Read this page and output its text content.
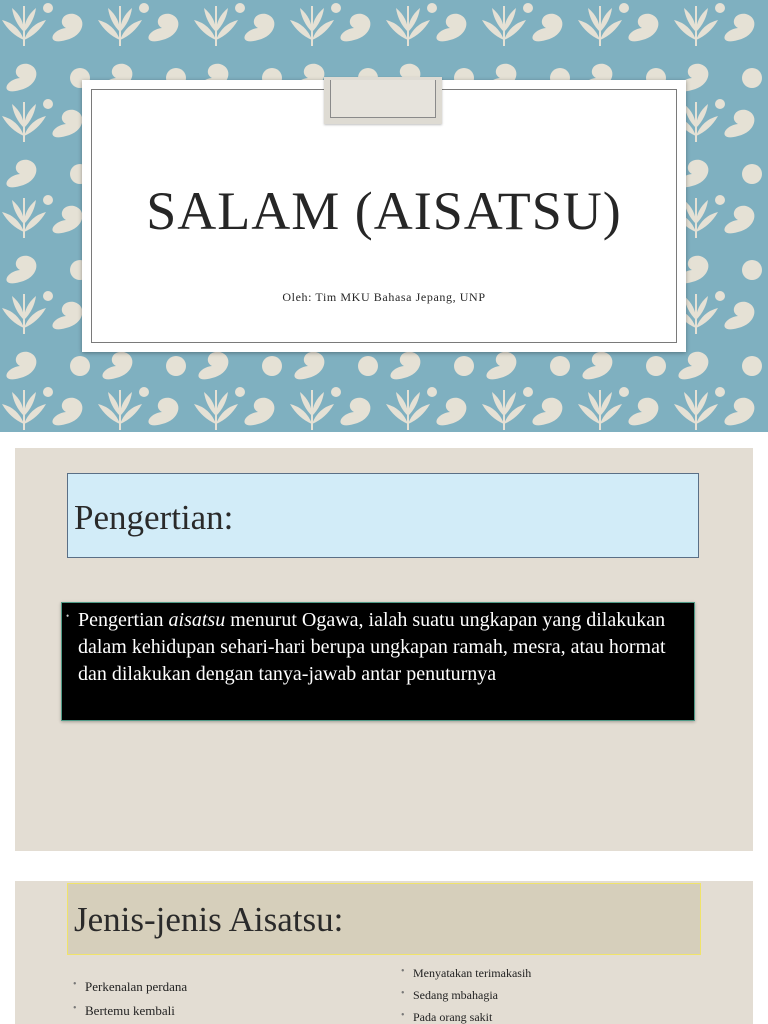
SALAM (AISATSU)
Oleh: Tim MKU Bahasa Jepang, UNP
Pengertian:
• Pengertian aisatsu menurut Ogawa, ialah suatu ungkapan yang dilakukan dalam kehidupan sehari-hari berupa ungkapan ramah, mesra, atau hormat dan dilakukan dengan tanya-jawab antar penuturnya

Jenis-jenis Aisatsu:
• Perkenalan perdana
• Bertemu kembali
• Menyatakan terimakasih
• Sedang mbahagia
• Pada orang sakit
